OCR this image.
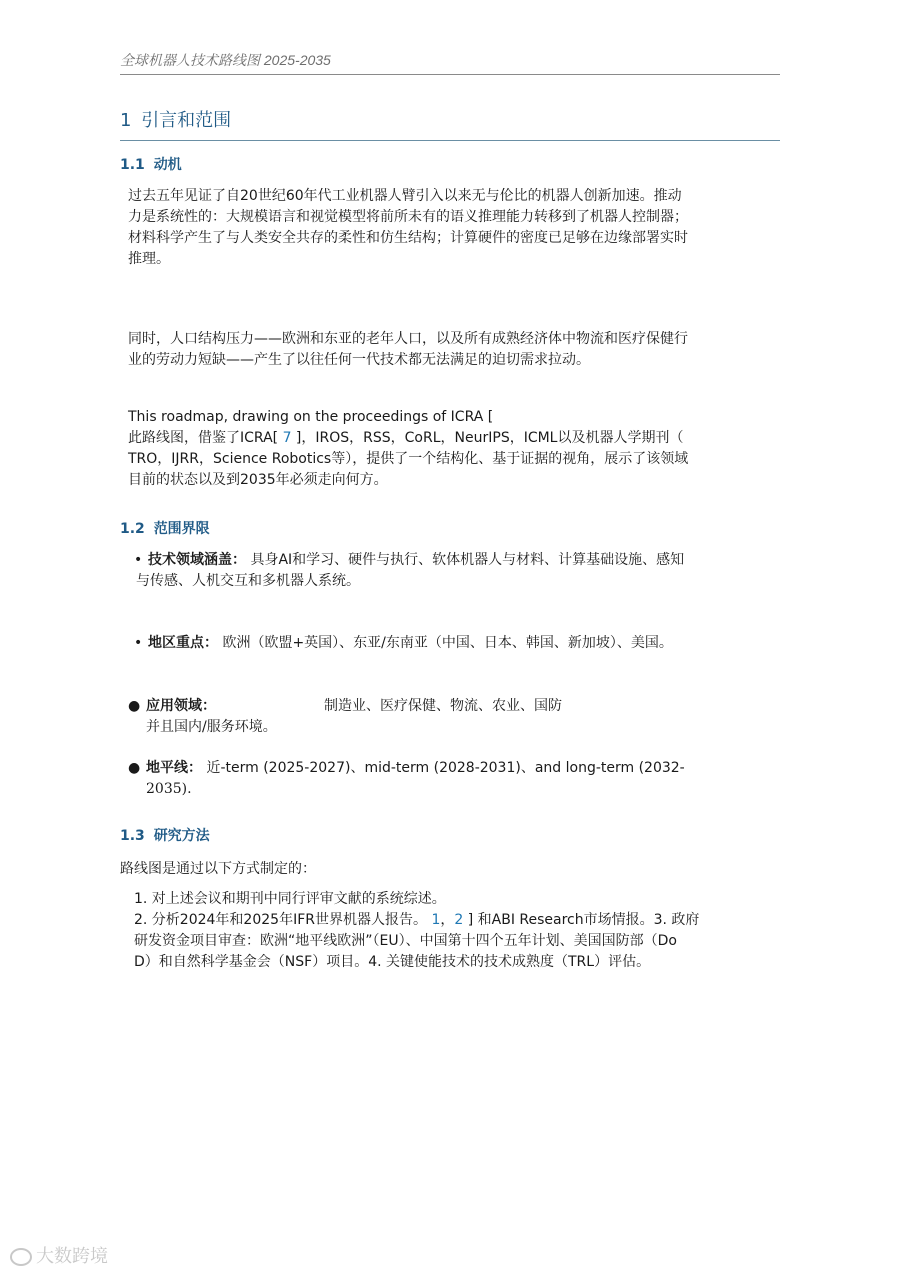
全球机器人技术路线图 2025-2035
1 引言和范围
1.1 动机
过去五年见证了自20世纪60年代工业机器人臂引入以来无与伦比的机器人创新加速。推动
力是系统性的：大规模语言和视觉模型将前所未有的语义推理能力转移到了机器人控制器；
材料科学产生了与人类安全共存的柔性和仿生结构；计算硬件的密度已足够在边缘部署实时
推理。
同时，人口结构压力——欧洲和东亚的老年人口，以及所有成熟经济体中物流和医疗保健行
业的劳动力短缺——产生了以往任何一代技术都无法满足的迫切需求拉动。
This roadmap, drawing on the proceedings of ICRA [
此路线图，借鉴了ICRA[ 7 ]，IROS，RSS，CoRL，NeurIPS，ICML以及机器人学期刊（
TRO，IJRR，Science Robotics等），提供了一个结构化、基于证据的视角，展示了该领域
目前的状态以及到2035年必须走向何方。
1.2 范围界限
• 技术领域涵盖： 具身AI和学习、硬件与执行、软体机器人与材料、计算基础设施、感知
与传感、人机交互和多机器人系统。
• 地区重点： 欧洲（欧盟+英国）、东亚/东南亚（中国、日本、韩国、新加坡）、美国。
● 应用领域：	制造业、医疗保健、物流、农业、国防
并且国内/服务环境。
● 地平线： 近-term (2025-2027)、mid-term (2028-2031)、and long-term (2032-
2035).
1.3 研究方法
路线图是通过以下方式制定的：
1. 对上述会议和期刊中同行评审文献的系统综述。
2. 分析2024年和2025年IFR世界机器人报告。 1，2 ] 和ABI Research市场情报。3. 政府
研发资金项目审查：欧洲“地平线欧洲”（EU）、中国第十四个五年计划、美国国防部（Do
D）和自然科学基金会（NSF）项目。4. 关键使能技术的技术成熟度（TRL）评估。
大数跨境
